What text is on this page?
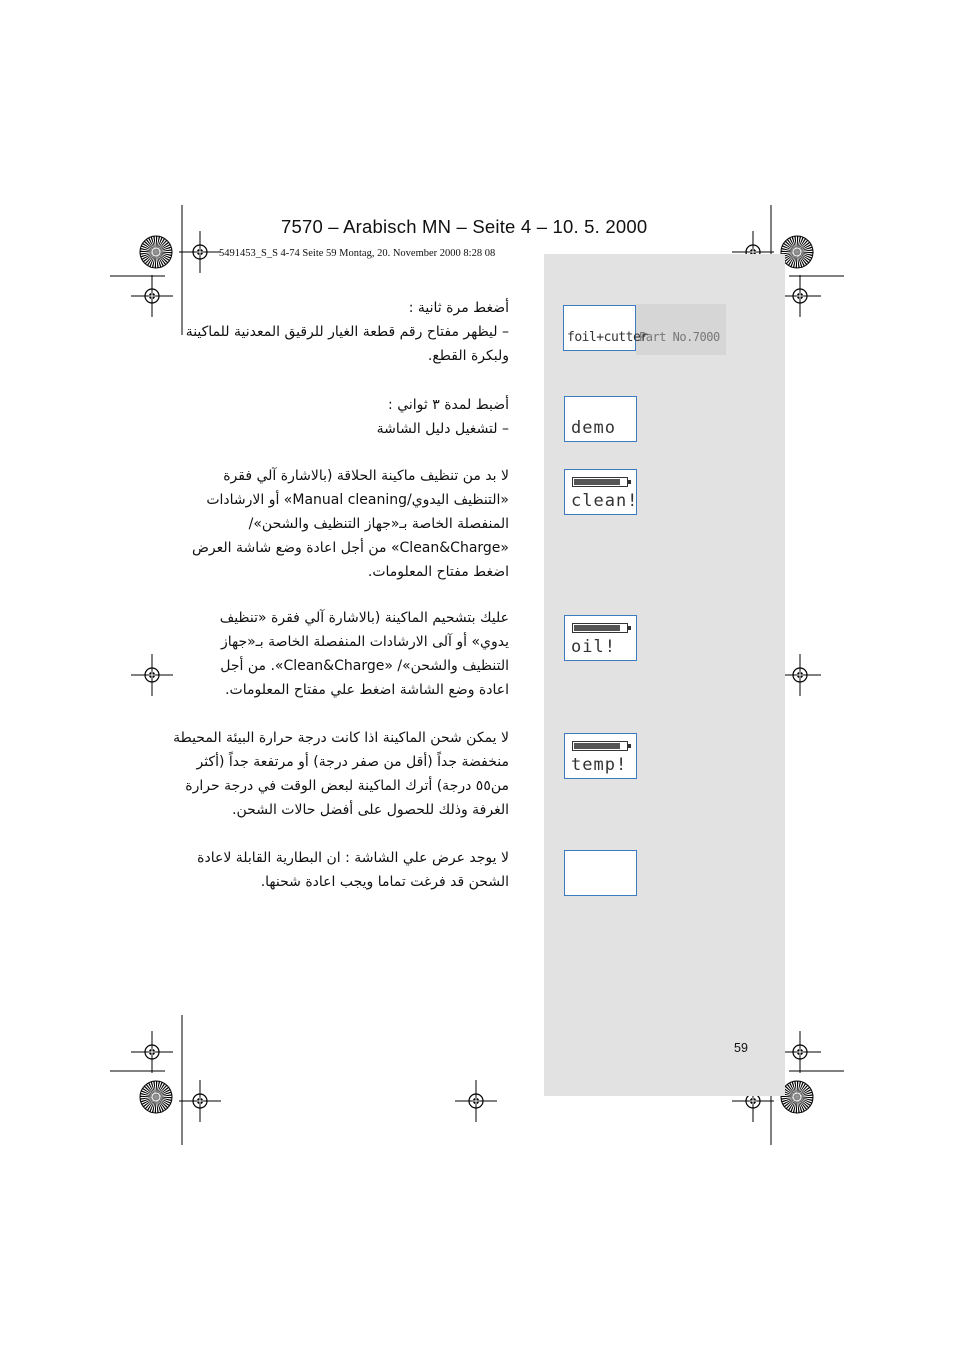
7570 – Arabisch MN – Seite 4 – 10. 5. 2000
5491453_S_S 4-74 Seite 59 Montag, 20. November 2000 8:28 08
أضغط مرة ثانية :
– ليظهر مفتاح رقم قطعة الغيار للرقيق المعدنية للماكينة
ولبكرة القطع.
Part No.7000
foil+cutter
أضبط لمدة ٣ ثواني :
– لتشغيل دليل الشاشة	demo
لا بد من تنظيف ماكينة الحلاقة (بالاشارة آلي فقرة
«التنظيف اليدوي/Manual cleaning» أو الارشادات
المنفصلة الخاصة بـ«جهاز التنظيف والشحن»/
«Clean&Charge» من أجل اعادة وضع شاشة العرض
اضغط مفتاح المعلومات.
clean!
عليك بتشحيم الماكينة (بالاشارة آلي فقرة «تنظيف
يدوي» أو آلى الارشادات المنفصلة الخاصة بـ«جهاز
التنظيف والشحن»/ «Clean&Charge». من أجل
اعادة وضع الشاشة اضغط علي مفتاح المعلومات.
oil!
لا يمكن شحن الماكينة اذا كانت درجة حرارة البيئة المحيطة
منخفضة جداً (أقل من صفر درجة) أو مرتفعة جداً (أكثر
من٥٥ درجة) أترك الماكينة لبعض الوقت في درجة حرارة
الغرفة وذلك للحصول على أفضل حالات الشحن.
temp!
لا يوجد عرض علي الشاشة : ان البطارية القابلة لاعادة
الشحن قد فرغت تماما ويجب اعادة شحنها.
59
